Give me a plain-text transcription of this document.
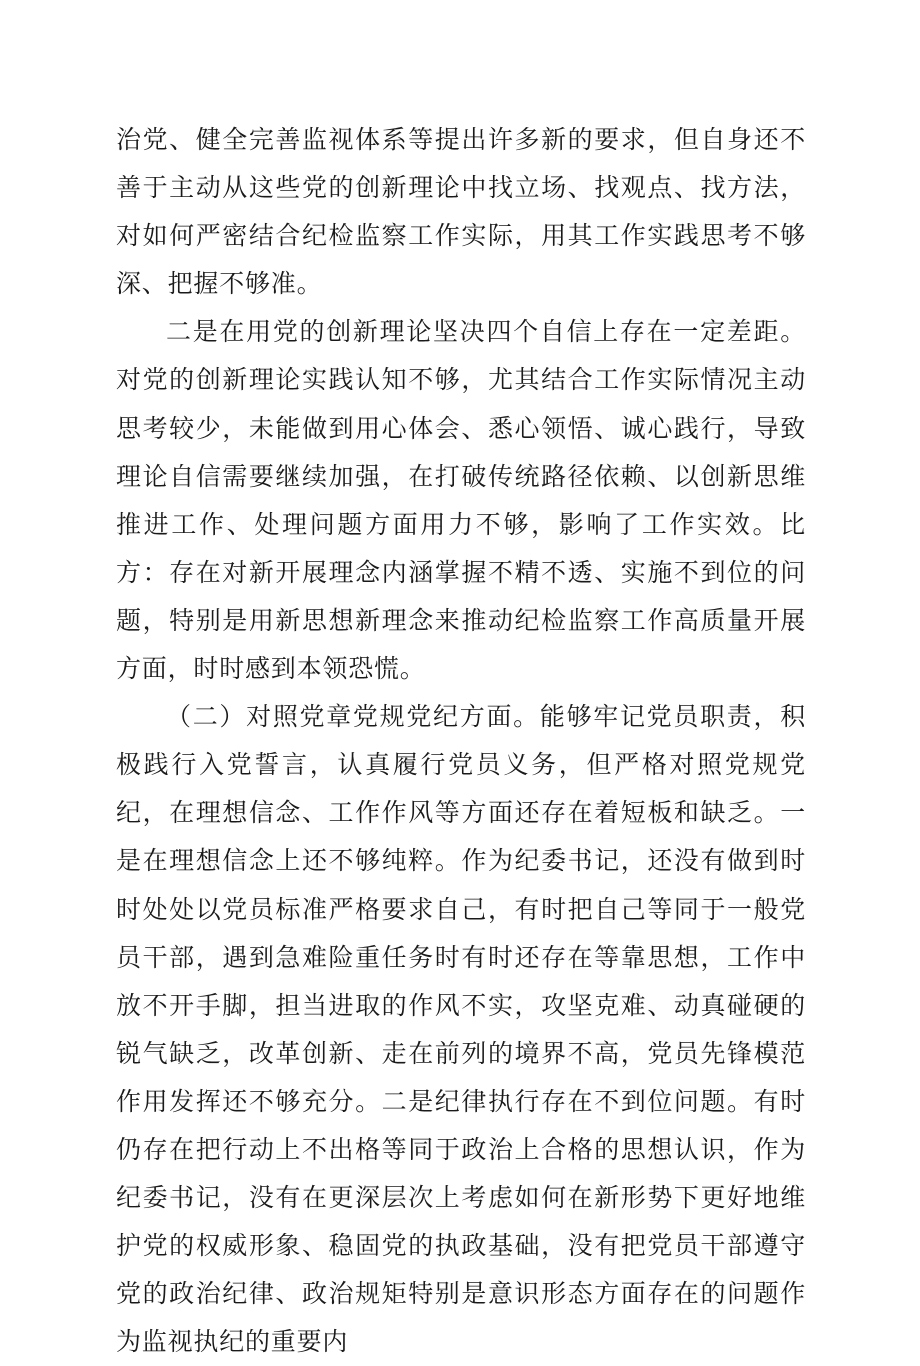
治党、健全完善监视体系等提出许多新的要求，但自身还不善于主动从这些党的创新理论中找立场、找观点、找方法，对如何严密结合纪检监察工作实际，用其工作实践思考不够深、把握不够准。

二是在用党的创新理论坚决四个自信上存在一定差距。对党的创新理论实践认知不够，尤其结合工作实际情况主动思考较少，未能做到用心体会、悉心领悟、诚心践行，导致理论自信需要继续加强，在打破传统路径依赖、以创新思维推进工作、处理问题方面用力不够，影响了工作实效。比方：存在对新开展理念内涵掌握不精不透、实施不到位的问题，特别是用新思想新理念来推动纪检监察工作高质量开展方面，时时感到本领恐慌。

（二）对照党章党规党纪方面。能够牢记党员职责，积极践行入党誓言，认真履行党员义务，但严格对照党规党纪，在理想信念、工作作风等方面还存在着短板和缺乏。一是在理想信念上还不够纯粹。作为纪委书记，还没有做到时时处处以党员标准严格要求自己，有时把自己等同于一般党员干部，遇到急难险重任务时有时还存在等靠思想，工作中放不开手脚，担当进取的作风不实，攻坚克难、动真碰硬的锐气缺乏，改革创新、走在前列的境界不高，党员先锋模范作用发挥还不够充分。二是纪律执行存在不到位问题。有时仍存在把行动上不出格等同于政治上合格的思想认识，作为纪委书记，没有在更深层次上考虑如何在新形势下更好地维护党的权威形象、稳固党的执政基础，没有把党员干部遵守党的政治纪律、政治规矩特别是意识形态方面存在的问题作为监视执纪的重要内
